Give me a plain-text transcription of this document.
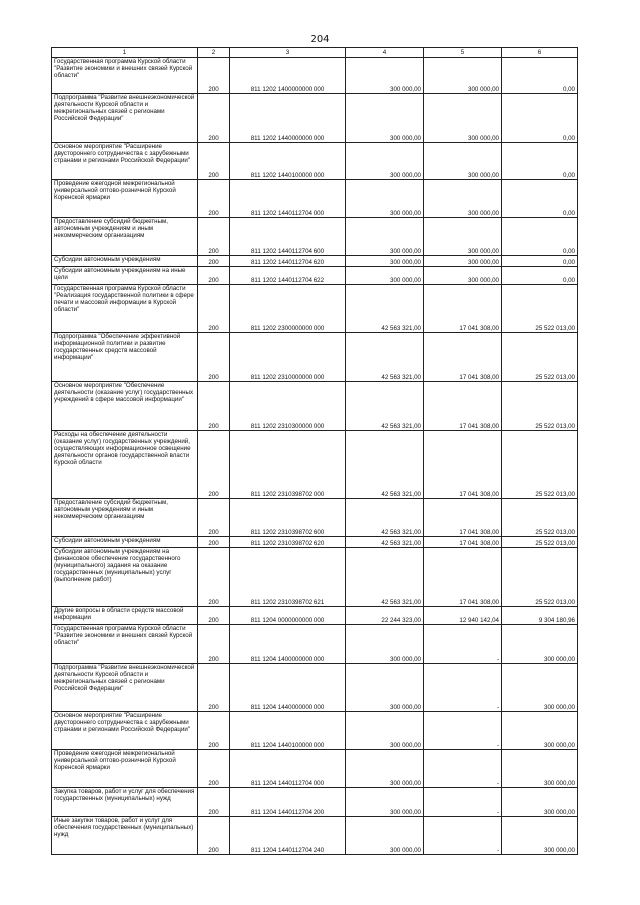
204
1	2	3	4	5	6
Государственная программа Курской области "Развитие экономики и внешних связей Курской области"	200	811 1202 1400000000 000	300 000,00	300 000,00	0,00
Подпрограмма "Развитие внешнеэкономической деятельности Курской области и межрегиональных связей с регионами Российской Федерации"	200	811 1202 1440000000 000	300 000,00	300 000,00	0,00
Основное мероприятие "Расширение двустороннего сотрудничества с зарубежными странами и регионами Российской Федерации"	200	811 1202 1440100000 000	300 000,00	300 000,00	0,00
Проведение ежегодной межрегиональной универсальной оптово-розничной Курской Коренской ярмарки	200	811 1202 1440112704 000	300 000,00	300 000,00	0,00
Предоставление субсидий бюджетным, автономным учреждениям и иным некоммерческим организациям	200	811 1202 1440112704 600	300 000,00	300 000,00	0,00
Субсидии автономным учреждениям	200	811 1202 1440112704 620	300 000,00	300 000,00	0,00
Субсидии автономным учреждениям на иные цели	200	811 1202 1440112704 622	300 000,00	300 000,00	0,00
Государственная программа Курской области "Реализация государственной политики в сфере печати и массовой информации в Курской области"	200	811 1202 2300000000 000	42 563 321,00	17 041 308,00	25 522 013,00
Подпрограмма "Обеспечение эффективной информационной политики и развитие государственных средств массовой информации"	200	811 1202 2310000000 000	42 563 321,00	17 041 308,00	25 522 013,00
Основное мероприятие "Обеспечение деятельности (оказание услуг) государственных учреждений в сфере массовой информации"	200	811 1202 2310300000 000	42 563 321,00	17 041 308,00	25 522 013,00
Расходы на обеспечение деятельности (оказание услуг) государственных учреждений, осуществляющих информационное освещение деятельности органов государственной власти Курской области	200	811 1202 2310398702 000	42 563 321,00	17 041 308,00	25 522 013,00
Предоставление субсидий бюджетным, автономным учреждениям и иным некоммерческим организациям	200	811 1202 2310398702 600	42 563 321,00	17 041 308,00	25 522 013,00
Субсидии автономным учреждениям	200	811 1202 2310398702 620	42 563 321,00	17 041 308,00	25 522 013,00
Субсидии автономным учреждениям на финансовое обеспечение государственного (муниципального) задания на оказание государственных (муниципальных) услуг (выполнение работ)	200	811 1202 2310398702 621	42 563 321,00	17 041 308,00	25 522 013,00
Другие вопросы в области средств массовой информации	200	811 1204 0000000000 000	22 244 323,00	12 940 142,04	9 304 180,96
Государственная программа Курской области "Развитие экономики и внешних связей Курской области"	200	811 1204 1400000000 000	300 000,00	-	300 000,00
Подпрограмма "Развитие внешнеэкономической деятельности Курской области и межрегиональных связей с регионами Российской Федерации"	200	811 1204 1440000000 000	300 000,00	-	300 000,00
Основное мероприятие "Расширение двустороннего сотрудничества с зарубежными странами и регионами Российской Федерации"	200	811 1204 1440100000 000	300 000,00	-	300 000,00
Проведение ежегодной межрегиональной универсальной оптово-розничной Курской Коренской ярмарки	200	811 1204 1440112704 000	300 000,00	-	300 000,00
Закупка товаров, работ и услуг для обеспечения государственных (муниципальных) нужд	200	811 1204 1440112704 200	300 000,00	-	300 000,00
Иные закупки товаров, работ и услуг для обеспечения государственных (муниципальных) нужд	200	811 1204 1440112704 240	300 000,00	-	300 000,00
